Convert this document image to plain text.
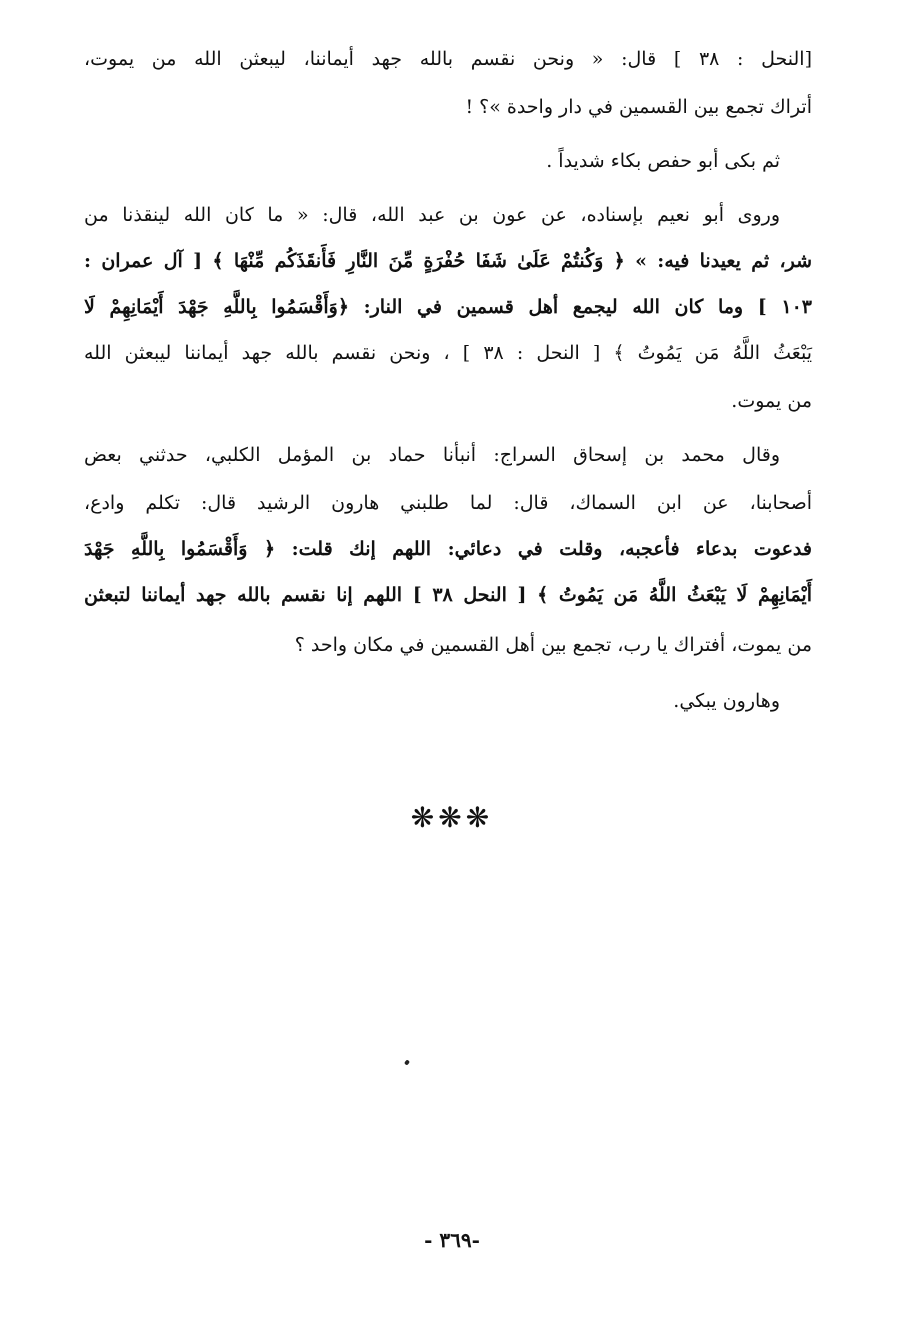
[النحل : ٣٨ ] قال: « ونحن نقسم بالله جهد أيماننا، ليبعثن الله من يموت،
أتراك تجمع بين القسمين في دار واحدة »؟ !
ثم بكى أبو حفص بكاء شديداً .
وروى أبو نعيم بإسناده، عن عون بن عبد الله، قال: « ما كان الله لينقذنا من
شر، ثم يعيدنا فيه: » ﴿ وَكُنتُمْ عَلَىٰ شَفَا حُفْرَةٍ مِّنَ النَّارِ فَأَنقَذَكُم مِّنْهَا ﴾ [ آل عمران :
١٠٣ ] وما كان الله ليجمع أهل قسمين في النار: ﴿وَأَقْسَمُوا بِاللَّهِ جَهْدَ أَيْمَانِهِمْ لَا
يَبْعَثُ اللَّهُ مَن يَمُوتُ ﴾ [ النحل : ٣٨ ] ، ونحن نقسم بالله جهد أيماننا ليبعثن الله
من يموت.
وقال محمد بن إسحاق السراج: أنبأنا حماد بن المؤمل الكلبي، حدثني بعض
أصحابنا، عن ابن السماك، قال: لما طلبني هارون الرشيد قال: تكلم وادع،
فدعوت بدعاء فأعجبه، وقلت في دعائي: اللهم إنك قلت: ﴿ وَأَقْسَمُوا بِاللَّهِ جَهْدَ
أَيْمَانِهِمْ لَا يَبْعَثُ اللَّهُ مَن يَمُوتُ ﴾ [ النحل ٣٨ ] اللهم إنا نقسم بالله جهد أيماننا لتبعثن
من يموت، أفتراك يا رب، تجمع بين أهل القسمين في مكان واحد ؟
وهارون يبكي.
❋❋❋
- ٣٦٩-
